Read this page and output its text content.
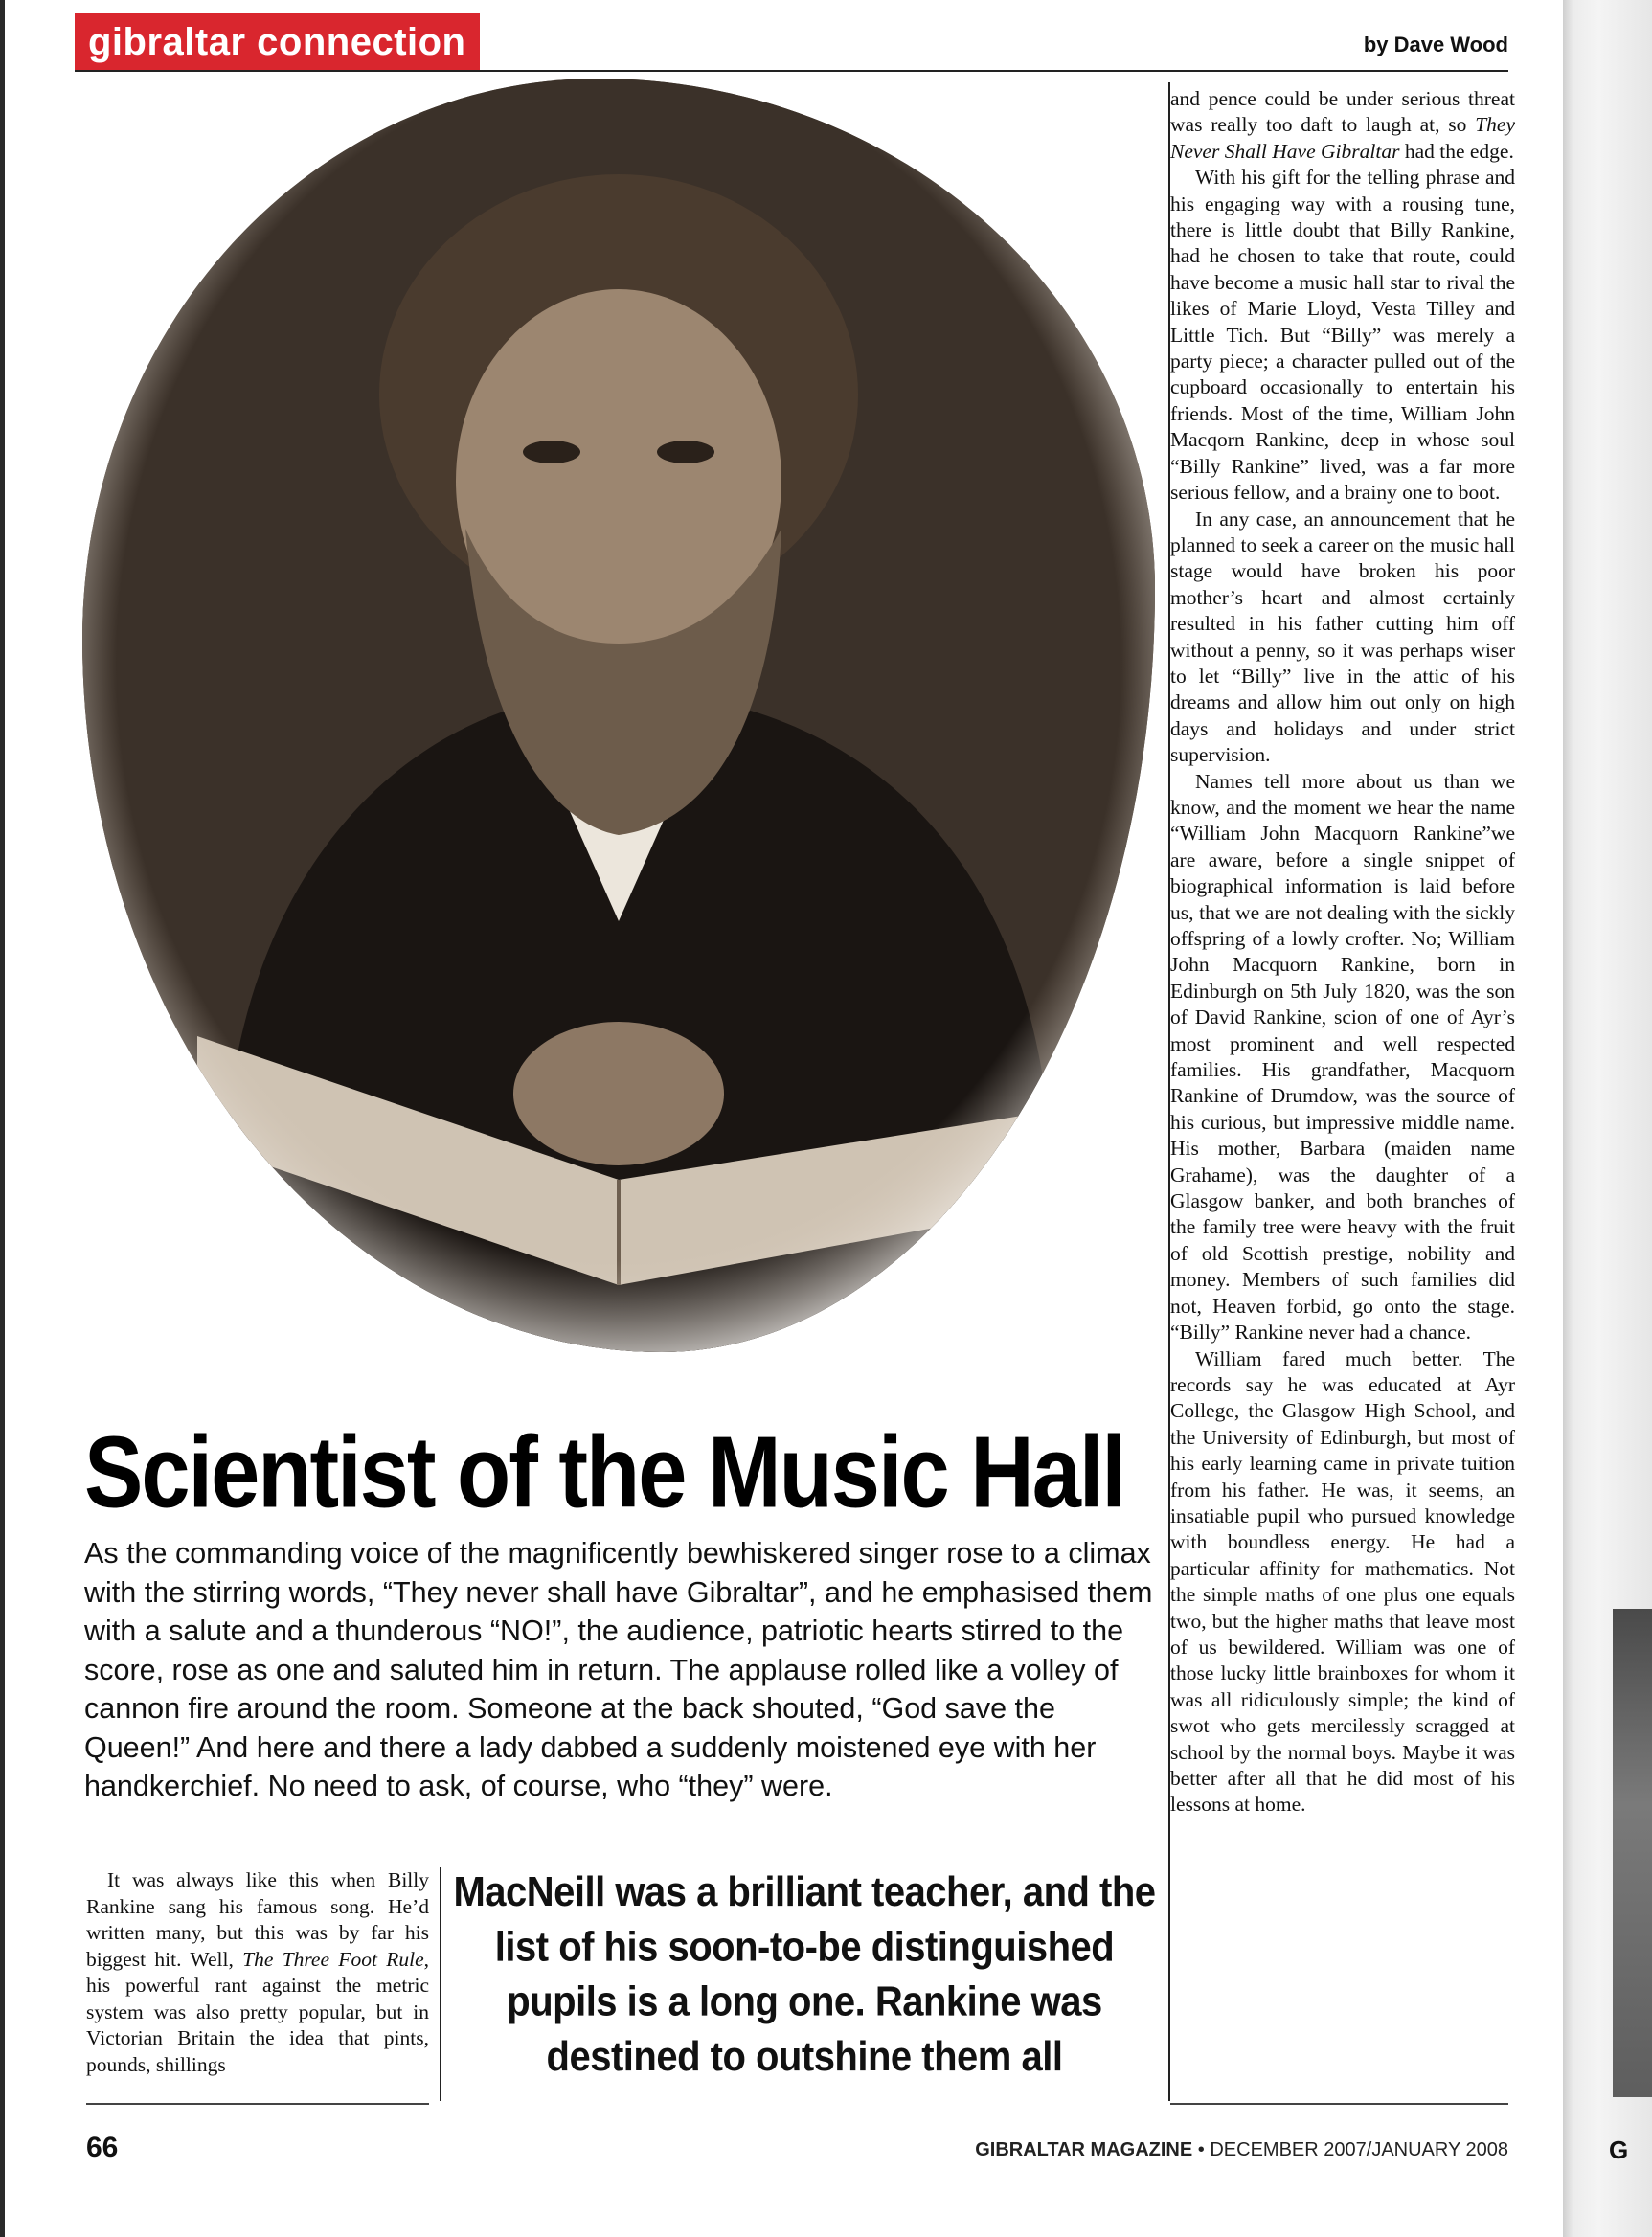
gibraltar connection	by Dave Wood
Scientist of the Music Hall
As the commanding voice of the magnificently bewhiskered singer rose to a climax with the stirring words, “They never shall have Gibraltar”, and he emphasised them with a salute and a thunderous “NO!”, the audience, patriotic hearts stirred to the score, rose as one and saluted him in return. The applause rolled like a volley of cannon fire around the room. Someone at the back shouted, “God save the Queen!” And here and there a lady dabbed a suddenly moistened eye with her handkerchief. No need to ask, of course, who “they” were.
It was always like this when Billy Rankine sang his famous song. He’d written many, but this was by far his biggest hit. Well, The Three Foot Rule, his powerful rant against the metric system was also pretty popular, but in Victorian Britain the idea that pints, pounds, shillings
MacNeill was a brilliant teacher, and the list of his soon-to-be distinguished pupils is a long one. Rankine was destined to outshine them all

and pence could be under serious threat was really too daft to laugh at, so They Never Shall Have Gibraltar had the edge.

With his gift for the telling phrase and his engaging way with a rousing tune, there is little doubt that Billy Rankine, had he chosen to take that route, could have become a music hall star to rival the likes of Marie Lloyd, Vesta Tilley and Little Tich. But “Billy” was merely a party piece; a character pulled out of the cupboard occasionally to entertain his friends. Most of the time, William John Macqorn Rankine, deep in whose soul “Billy Rankine” lived, was a far more serious fellow, and a brainy one to boot.

In any case, an announcement that he planned to seek a career on the music hall stage would have broken his poor mother’s heart and almost certainly resulted in his father cutting him off without a penny, so it was perhaps wiser to let “Billy” live in the attic of his dreams and allow him out only on high days and holidays and under strict supervision.

Names tell more about us than we know, and the moment we hear the name “William John Macquorn Rankine”we are aware, before a single snippet of biographical information is laid before us, that we are not dealing with the sickly offspring of a lowly crofter. No; William John Macquorn Rankine, born in Edinburgh on 5th July 1820, was the son of David Rankine, scion of one of Ayr’s most prominent and well respected families. His grandfather, Macquorn Rankine of Drumdow, was the source of his curious, but impressive middle name. His mother, Barbara (maiden name Grahame), was the daughter of a Glasgow banker, and both branches of the family tree were heavy with the fruit of old Scottish prestige, nobility and money. Members of such families did not, Heaven forbid, go onto the stage. “Billy” Rankine never had a chance.

William fared much better. The records say he was educated at Ayr College, the Glasgow High School, and the University of Edinburgh, but most of his early learning came in private tuition from his father. He was, it seems, an insatiable pupil who pursued knowledge with boundless energy. He had a particular affinity for mathematics. Not the simple maths of one plus one equals two, but the higher maths that leave most of us bewildered. William was one of those lucky little brainboxes for whom it was all ridiculously simple; the kind of swot who gets mercilessly scragged at school by the normal boys. Maybe it was better after all that he did most of his lessons at home.

66	GIBRALTAR MAGAZINE • DECEMBER 2007/JANUARY 2008	G
